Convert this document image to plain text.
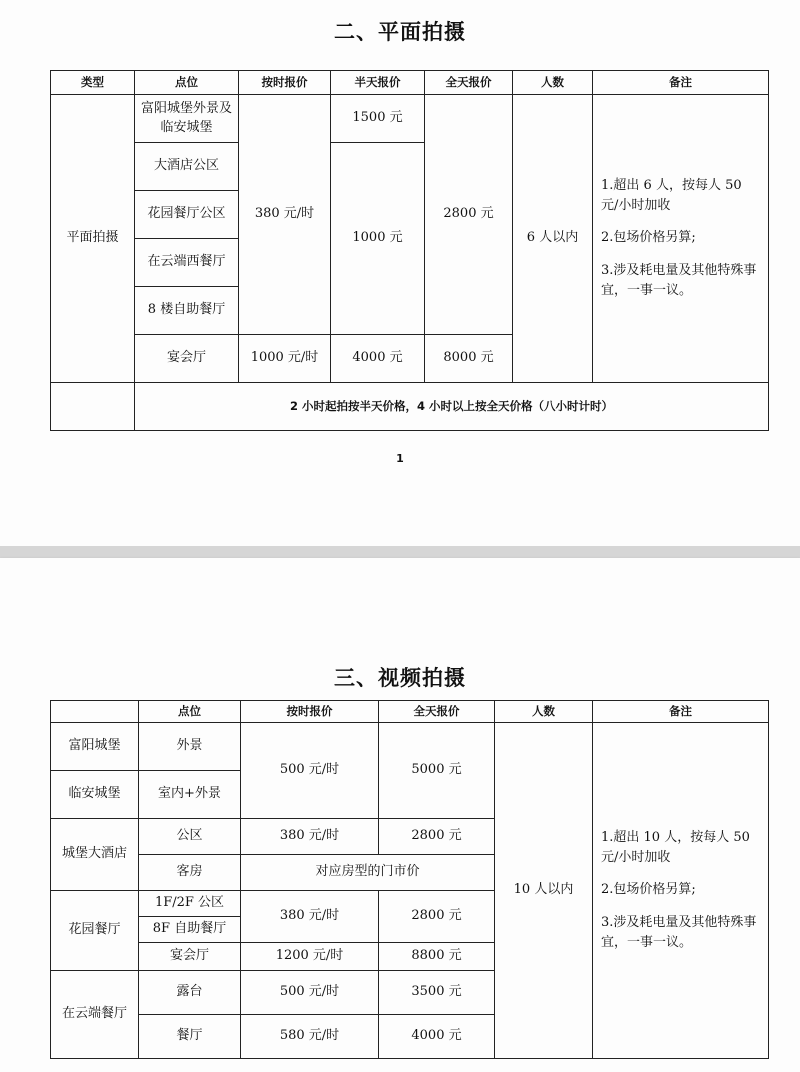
二、平面拍摄
类型	点位	按时报价	半天报价	全天报价	人数	备注
平面拍摄	富阳城堡外景及临安城堡	380 元/时	1500 元	2800 元	6 人以内	1.超出 6 人，按每人 50 元/小时加收

2.包场价格另算;

3.涉及耗电量及其他特殊事宜，一事一议。

	大酒店公区		1000 元			
	花园餐厅公区					
	在云端西餐厅					
	8 楼自助餐厅					
	宴会厅	1000 元/时	4000 元	8000 元		
	2 小时起拍按半天价格，4 小时以上按全天价格（八小时计时）					
1
三、视频拍摄
	点位	按时报价	全天报价	人数	备注
富阳城堡	外景	500 元/时	5000 元	10 人以内	1.超出 10 人，按每人 50 元/小时加收

2.包场价格另算;

3.涉及耗电量及其他特殊事宜，一事一议。

临安城堡	室内+外景				
城堡大酒店	公区	380 元/时	2800 元		
	客房	对应房型的门市价			
花园餐厅	1F/2F 公区	380 元/时	2800 元		
	8F 自助餐厅				
	宴会厅	1200 元/时	8800 元		
在云端餐厅	露台	500 元/时	3500 元		
	餐厅	580 元/时	4000 元		
